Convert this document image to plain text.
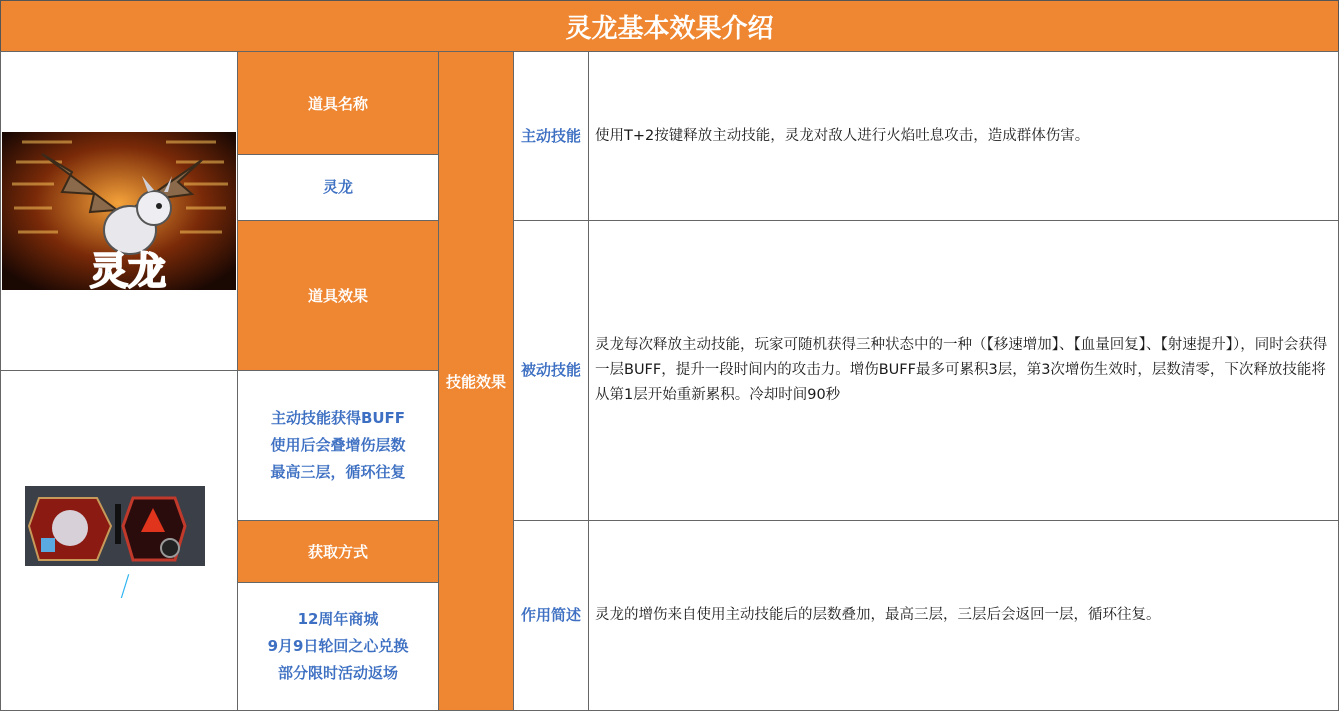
灵龙基本效果介绍
灵龙
主动/叠层
道具名称
灵龙
道具效果
主动技能获得BUFF
使用后会叠增伤层数
最高三层，循环往复
获取方式
12周年商城
9月9日轮回之心兑换
部分限时活动返场
技能效果
主动技能 使用T+2按键释放主动技能，灵龙对敌人进行火焰吐息攻击，造成群体伤害。
被动技能
灵龙每次释放主动技能，玩家可随机获得三种状态中的一种（【移速增加】、【血量回复】、【射速提升】），同时会获得一层BUFF，提升一段时间内的攻击力。增伤BUFF最多可累积3层，第3次增伤生效时，层数清零，下次释放技能将从第1层开始重新累积。冷却时间90秒
作用简述 灵龙的增伤来自使用主动技能后的层数叠加，最高三层，三层后会返回一层，循环往复。
